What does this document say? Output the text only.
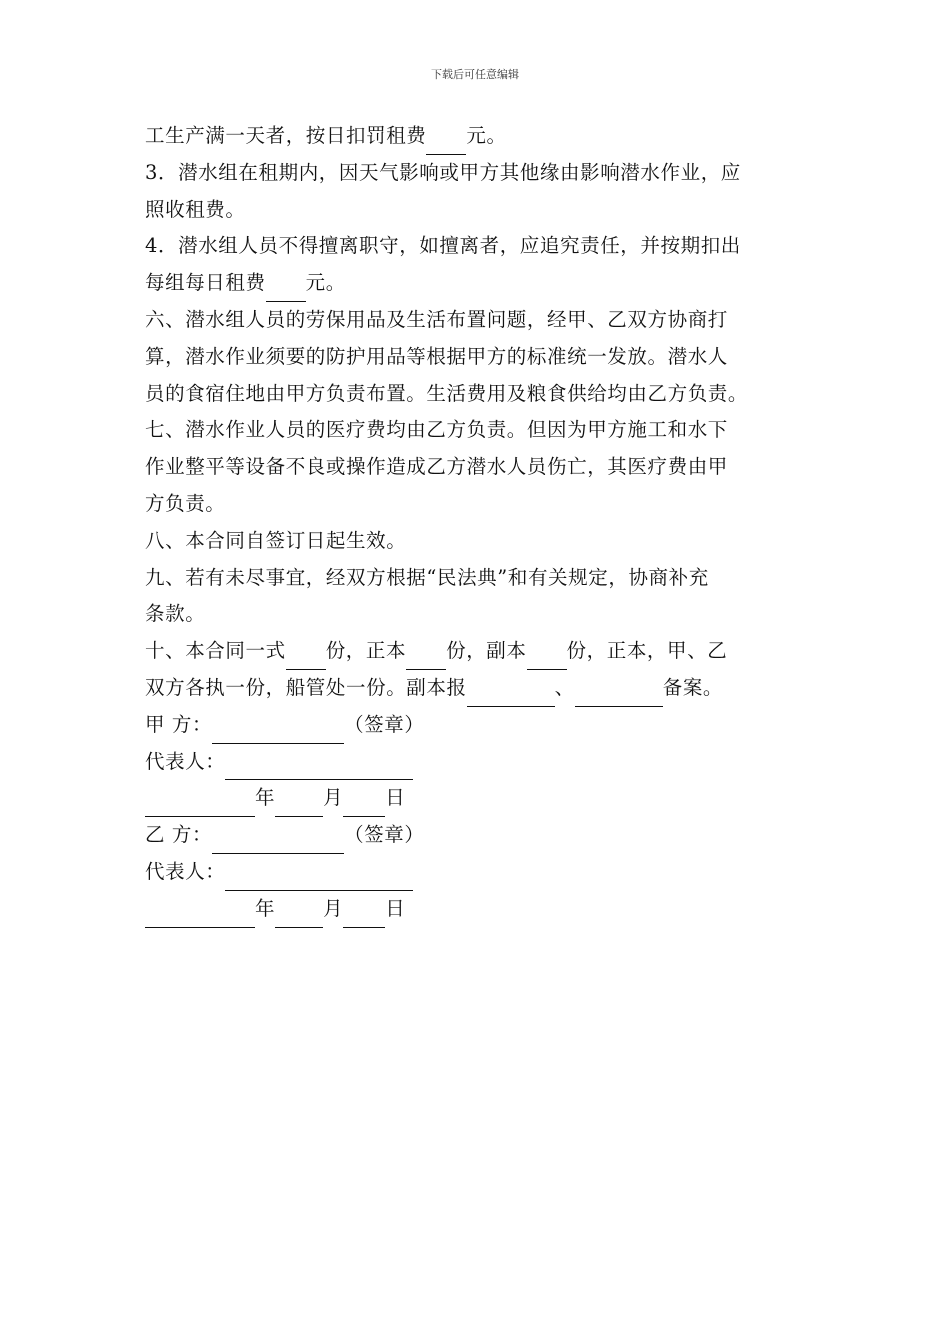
下载后可任意编辑
工生产满一天者，按日扣罚租费 元。
3．潜水组在租期内，因天气影响或甲方其他缘由影响潜水作业，应
照收租费。
4．潜水组人员不得擅离职守，如擅离者，应追究责任，并按期扣出
每组每日租费 元。
六、潜水组人员的劳保用品及生活布置问题，经甲、乙双方协商打
算，潜水作业须要的防护用品等根据甲方的标准统一发放。潜水人
员的食宿住地由甲方负责布置。生活费用及粮食供给均由乙方负责。
七、潜水作业人员的医疗费均由乙方负责。但因为甲方施工和水下
作业整平等设备不良或操作造成乙方潜水人员伤亡，其医疗费由甲
方负责。
八、本合同自签订日起生效。
九、若有未尽事宜，经双方根据“民法典”和有关规定，协商补充
条款。
十、本合同一式 份，正本 份，副本 份，正本，甲、乙
双方各执一份，船管处一份。副本报	、	备案。
甲 方：	（签章）
代表人：
年 月 日
乙 方：	（签章）
代表人：
年 月 日
